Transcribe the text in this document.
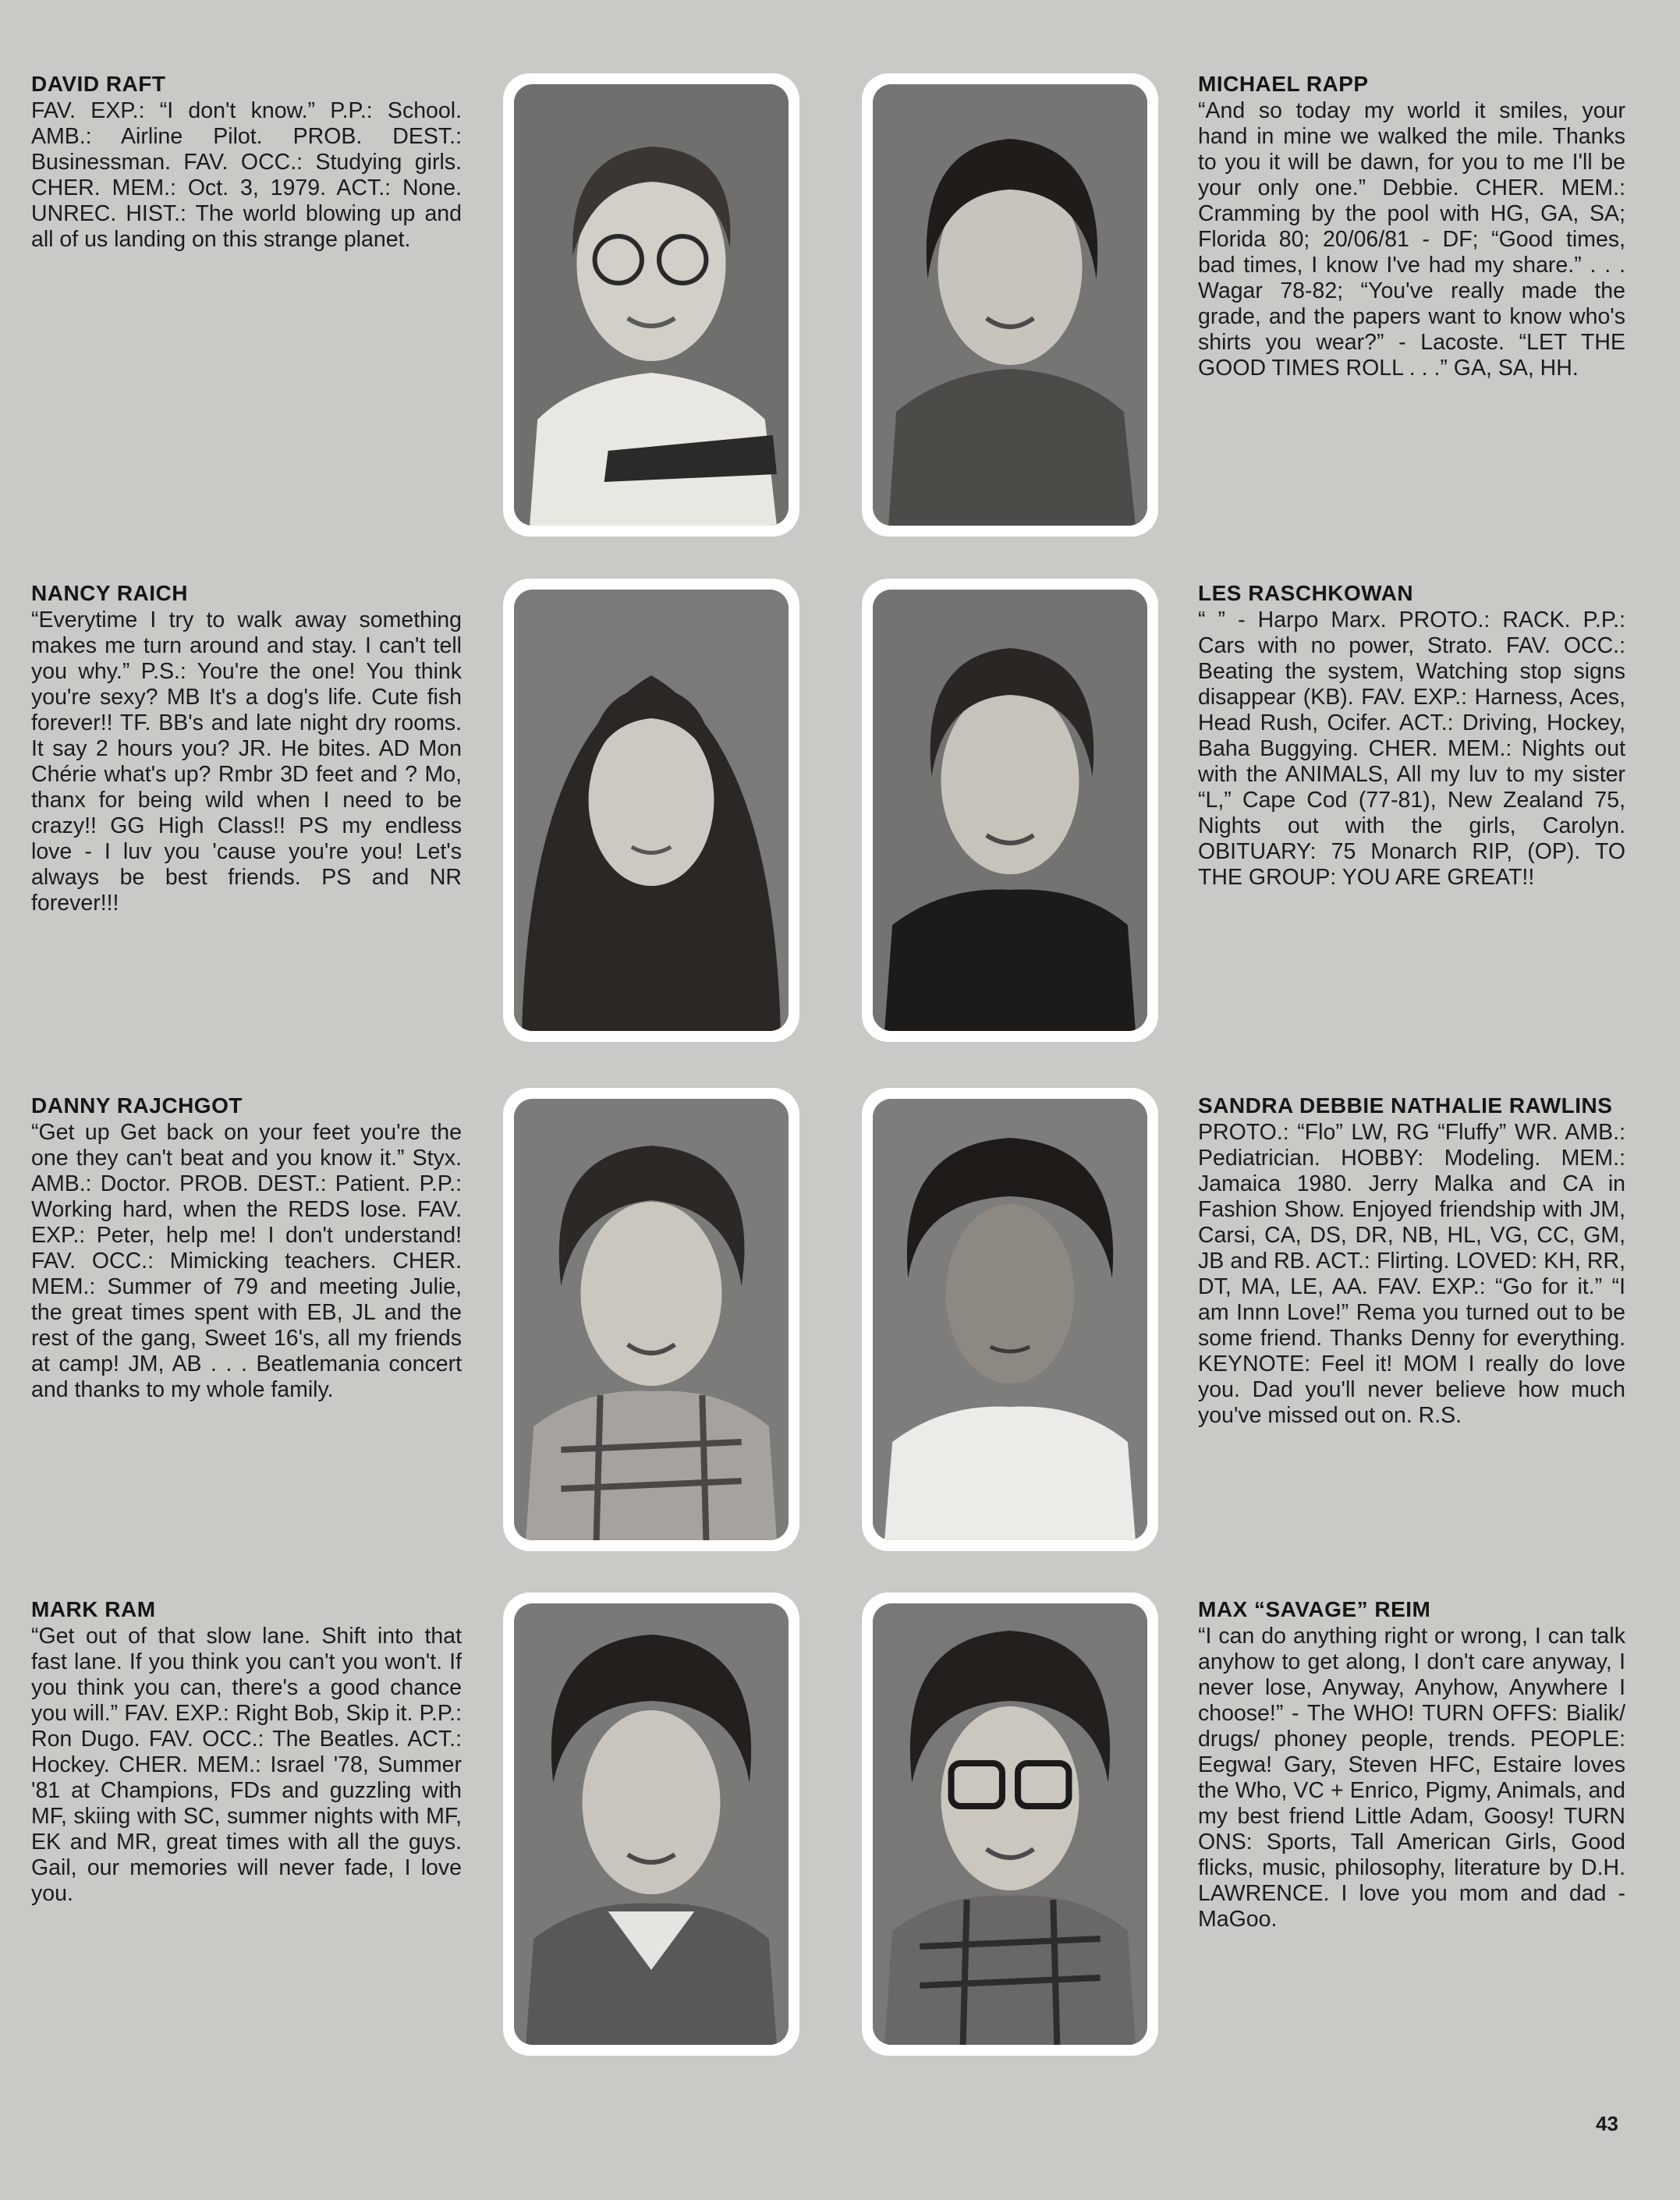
DAVID RAFT

FAV. EXP.: “I don't know.” P.P.: School. AMB.: Airline Pilot. PROB. DEST.: Businessman. FAV. OCC.: Studying girls. CHER. MEM.: Oct. 3, 1979. ACT.: None. UNREC. HIST.: The world blowing up and all of us landing on this strange planet.

MICHAEL RAPP

“And so today my world it smiles, your hand in mine we walked the mile. Thanks to you it will be dawn, for you to me I'll be your only one.” Debbie. CHER. MEM.: Cramming by the pool with HG, GA, SA; Florida 80; 20/06/81 - DF; “Good times, bad times, I know I've had my share.” . . . Wagar 78-82; “You've really made the grade, and the papers want to know who's shirts you wear?” - Lacoste. “LET THE GOOD TIMES ROLL . . .” GA, SA, HH.

NANCY RAICH

“Everytime I try to walk away something makes me turn around and stay. I can't tell you why.” P.S.: You're the one! You think you're sexy? MB It's a dog's life. Cute fish forever!! TF. BB's and late night dry rooms. It say 2 hours you? JR. He bites. AD Mon Chérie what's up? Rmbr 3D feet and ? Mo, thanx for being wild when I need to be crazy!! GG High Class!! PS my endless love - I luv you 'cause you're you! Let's always be best friends. PS and NR forever!!!

LES RASCHKOWAN

“ ” - Harpo Marx. PROTO.: RACK. P.P.: Cars with no power, Strato. FAV. OCC.: Beating the system, Watching stop signs disappear (KB). FAV. EXP.: Harness, Aces, Head Rush, Ocifer. ACT.: Driving, Hockey, Baha Buggying. CHER. MEM.: Nights out with the ANIMALS, All my luv to my sister “L,” Cape Cod (77-81), New Zealand 75, Nights out with the girls, Carolyn. OBITUARY: 75 Monarch RIP, (OP). TO THE GROUP: YOU ARE GREAT!!

DANNY RAJCHGOT

“Get up Get back on your feet you're the one they can't beat and you know it.” Styx. AMB.: Doctor. PROB. DEST.: Patient. P.P.: Working hard, when the REDS lose. FAV. EXP.: Peter, help me! I don't understand! FAV. OCC.: Mimicking teachers. CHER. MEM.: Summer of 79 and meeting Julie, the great times spent with EB, JL and the rest of the gang, Sweet 16's, all my friends at camp! JM, AB . . . Beatlemania concert and thanks to my whole family.

SANDRA DEBBIE NATHALIE RAWLINS

PROTO.: “Flo” LW, RG “Fluffy” WR. AMB.: Pediatrician. HOBBY: Modeling. MEM.: Jamaica 1980. Jerry Malka and CA in Fashion Show. Enjoyed friendship with JM, Carsi, CA, DS, DR, NB, HL, VG, CC, GM, JB and RB. ACT.: Flirting. LOVED: KH, RR, DT, MA, LE, AA. FAV. EXP.: “Go for it.” “I am Innn Love!” Rema you turned out to be some friend. Thanks Denny for everything. KEYNOTE: Feel it! MOM I really do love you. Dad you'll never believe how much you've missed out on. R.S.

MARK RAM

“Get out of that slow lane. Shift into that fast lane. If you think you can't you won't. If you think you can, there's a good chance you will.” FAV. EXP.: Right Bob, Skip it. P.P.: Ron Dugo. FAV. OCC.: The Beatles. ACT.: Hockey. CHER. MEM.: Israel '78, Summer '81 at Champions, FDs and guzzling with MF, skiing with SC, summer nights with MF, EK and MR, great times with all the guys. Gail, our memories will never fade, I love you.

MAX “SAVAGE” REIM

“I can do anything right or wrong, I can talk anyhow to get along, I don't care anyway, I never lose, Anyway, Anyhow, Anywhere I choose!” - The WHO! TURN OFFS: Bialik/ drugs/ phoney people, trends. PEOPLE: Eegwa! Gary, Steven HFC, Estaire loves the Who, VC + Enrico, Pigmy, Animals, and my best friend Little Adam, Goosy! TURN ONS: Sports, Tall American Girls, Good flicks, music, philosophy, literature by D.H. LAWRENCE. I love you mom and dad - MaGoo.

43
